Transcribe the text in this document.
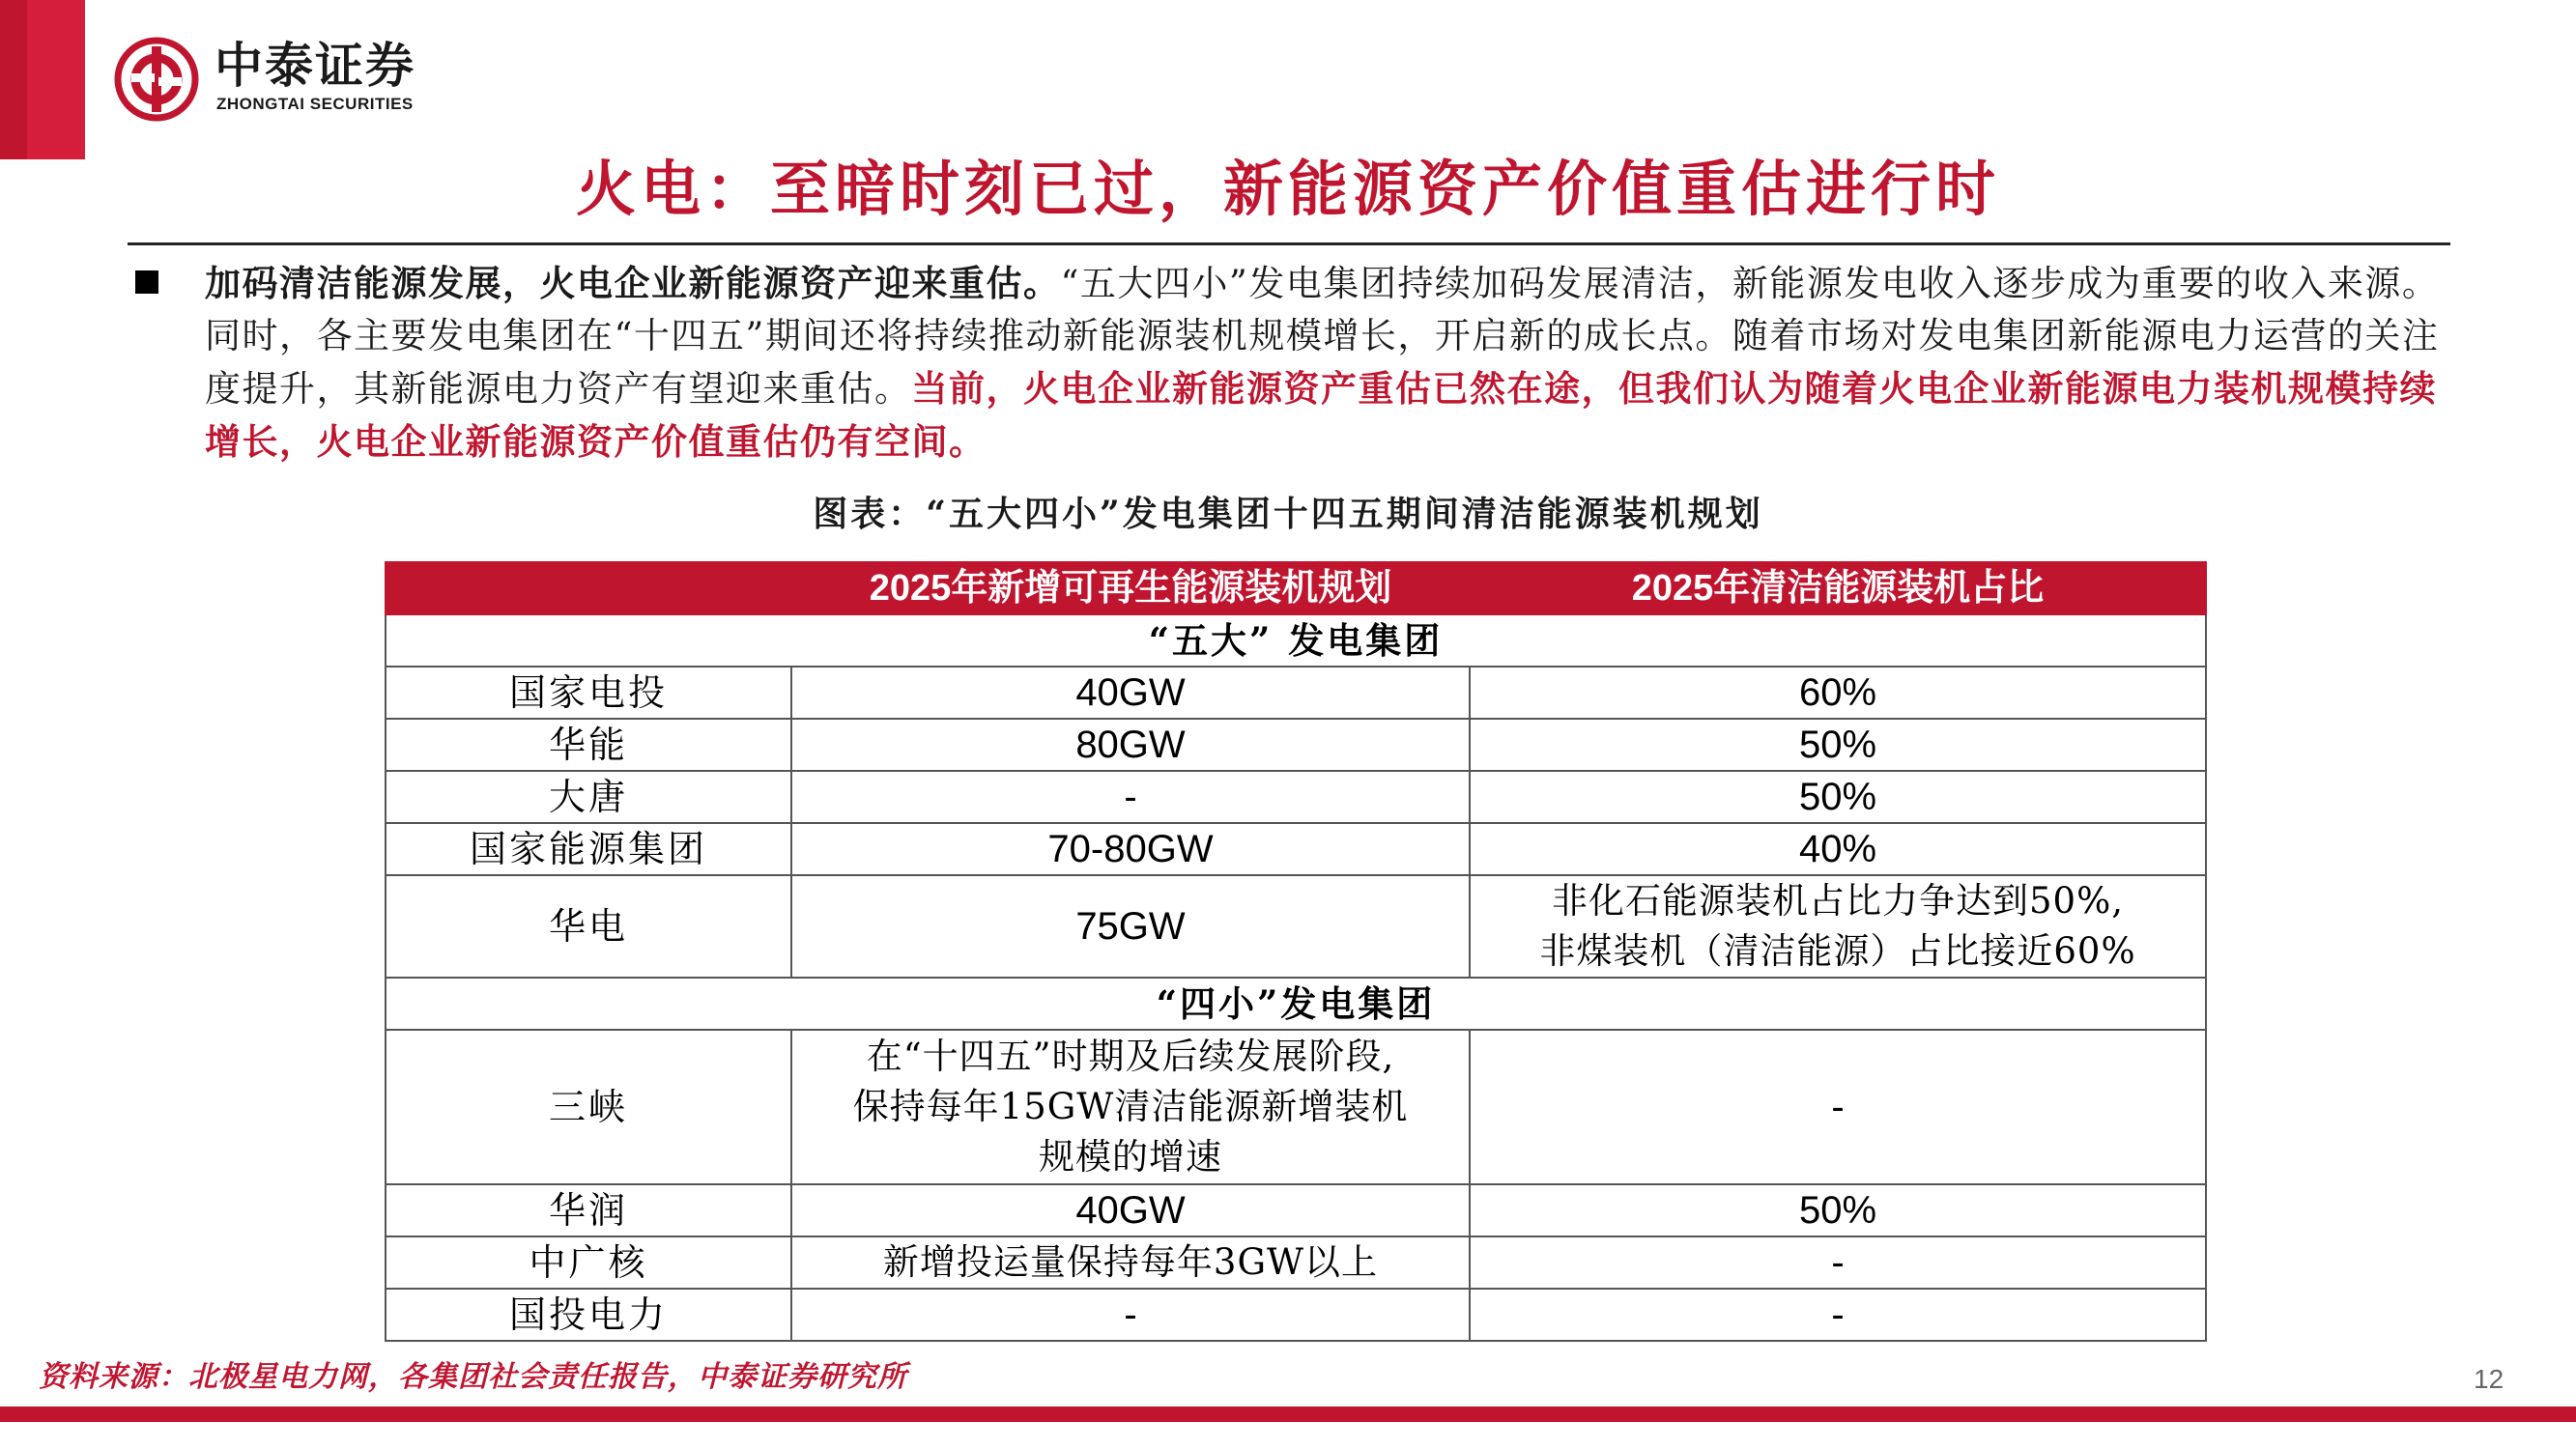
中泰证券
ZHONGTAI SECURITIES
火电：至暗时刻已过，新能源资产价值重估进行时
加码清洁能源发展，火电企业新能源资产迎来重估。“五大四小”发电集团持续加码发展清洁，新能源发电收入逐步成为重要的收入来源。同时，各主要发电集团在“十四五”期间还将持续推动新能源装机规模增长，开启新的成长点。随着市场对发电集团新能源电力运营的关注度提升，其新能源电力资产有望迎来重估。当前，火电企业新能源资产重估已然在途，但我们认为随着火电企业新能源电力装机规模持续增长，火电企业新能源资产价值重估仍有空间。
图表：“五大四小”发电集团十四五期间清洁能源装机规划
	2025年新增可再生能源装机规划	2025年清洁能源装机占比
“五大” 发电集团		
国家电投	40GW	60%
华能	80GW	50%
大唐	-	50%
国家能源集团	70-80GW	40%
华电	75GW	非化石能源装机占比力争达到50%,
非煤装机（清洁能源）占比接近60%

“四小”发电集团		
三峡	在“十四五”时期及后续发展阶段,
保持每年15GW清洁能源新增装机
规模的增速	-
华润	40GW	50%
中广核	新增投运量保持每年3GW以上	-
国投电力	-	-
资料来源：北极星电力网，各集团社会责任报告，中泰证券研究所	12
